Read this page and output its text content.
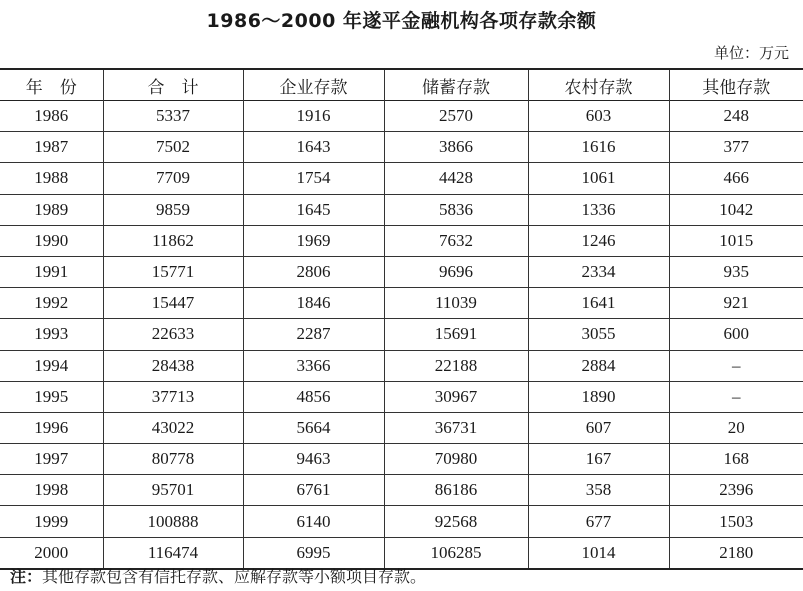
1986～2000 年遂平金融机构各项存款余额
单位：万元
年　份	合　计	企业存款	储蓄存款	农村存款	其他存款
1986	5337	1916	2570	603	248
1987	7502	1643	3866	1616	377
1988	7709	1754	4428	1061	466
1989	9859	1645	5836	1336	1042
1990	11862	1969	7632	1246	1015
1991	15771	2806	9696	2334	935
1992	15447	1846	11039	1641	921
1993	22633	2287	15691	3055	600
1994	28438	3366	22188	2884	–
1995	37713	4856	30967	1890	–
1996	43022	5664	36731	607	20
1997	80778	9463	70980	167	168
1998	95701	6761	86186	358	2396
1999	100888	6140	92568	677	1503
2000	116474	6995	106285	1014	2180
注：其他存款包含有信托存款、应解存款等小额项目存款。
